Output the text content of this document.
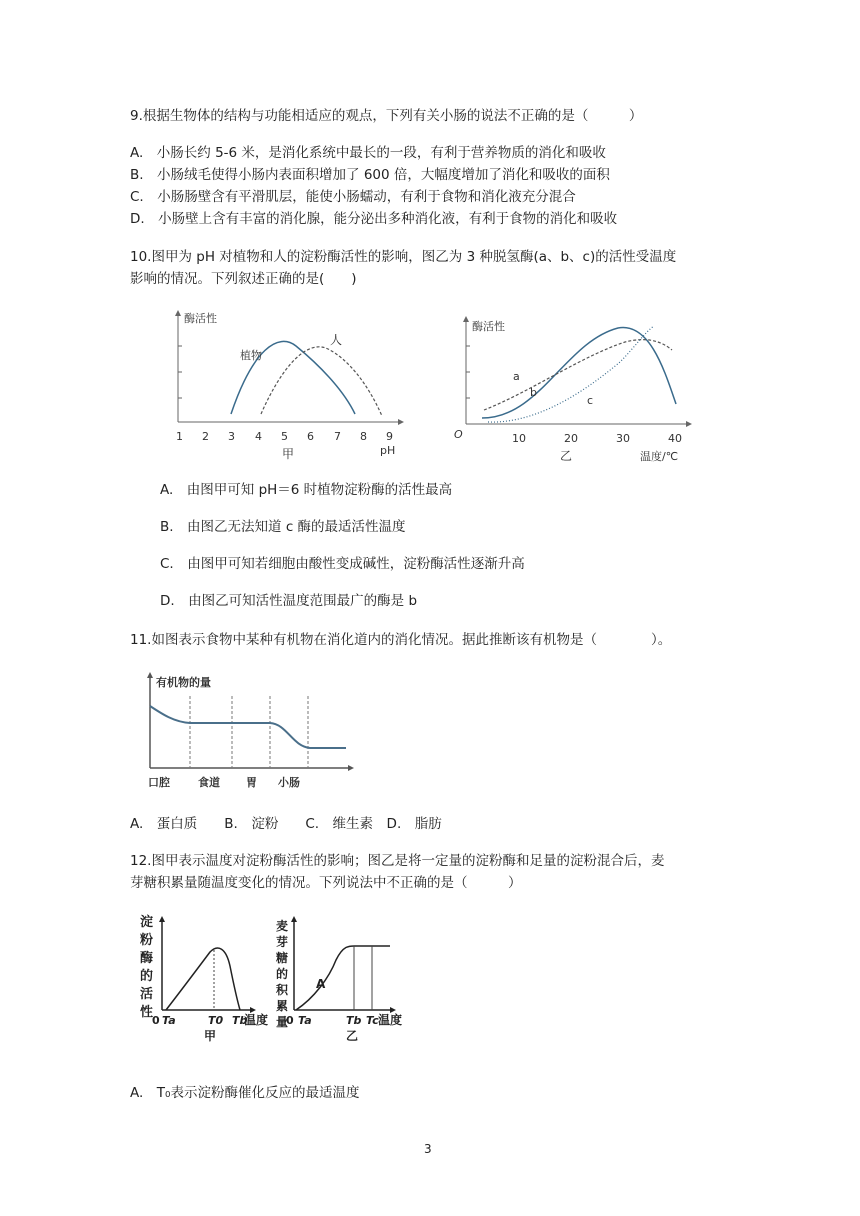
9.根据生物体的结构与功能相适应的观点，下列有关小肠的说法不正确的是（　　　）
A.　小肠长约 5-6 米，是消化系统中最长的一段，有利于营养物质的消化和吸收
B.　小肠绒毛使得小肠内表面积增加了 600 倍，大幅度增加了消化和吸收的面积
C.　小肠肠壁含有平滑肌层，能使小肠蠕动，有利于食物和消化液充分混合
D.　小肠壁上含有丰富的消化腺，能分泌出多种消化液，有利于食物的消化和吸收
10.图甲为 pH 对植物和人的淀粉酶活性的影响，图乙为 3 种脱氢酶(a、b、c)的活性受温度
影响的情况。下列叙述正确的是(　　)
酶活性
1 2 3 4 5 6 7 8 9
植物
人
pH
甲
酶活性
O	10	20	30	40
a
b
c
乙	温度/℃
A.　由图甲可知 pH＝6 时植物淀粉酶的活性最高
B.　由图乙无法知道 c 酶的最适活性温度
C.　由图甲可知若细胞由酸性变成碱性，淀粉酶活性逐渐升高
D.　由图乙可知活性温度范围最广的酶是 b
11.如图表示食物中某种有机物在消化道内的消化情况。据此推断该有机物是（　　　　）。
有机物的量
口腔	食道 胃 小肠
A.　蛋白质　　B.　淀粉　　C.　维生素　D.　脂肪
12.图甲表示温度对淀粉酶活性的影响；图乙是将一定量的淀粉酶和足量的淀粉混合后，麦
芽糖积累量随温度变化的情况。下列说法中不正确的是（　　　）
淀
粉
酶
的
活
性
0 Ta	T0 Tb
温度
甲
麦
芽
糖
的
积
累
量
A
0 Ta	Tb Tc 温度
乙
A.　T₀表示淀粉酶催化反应的最适温度
3
